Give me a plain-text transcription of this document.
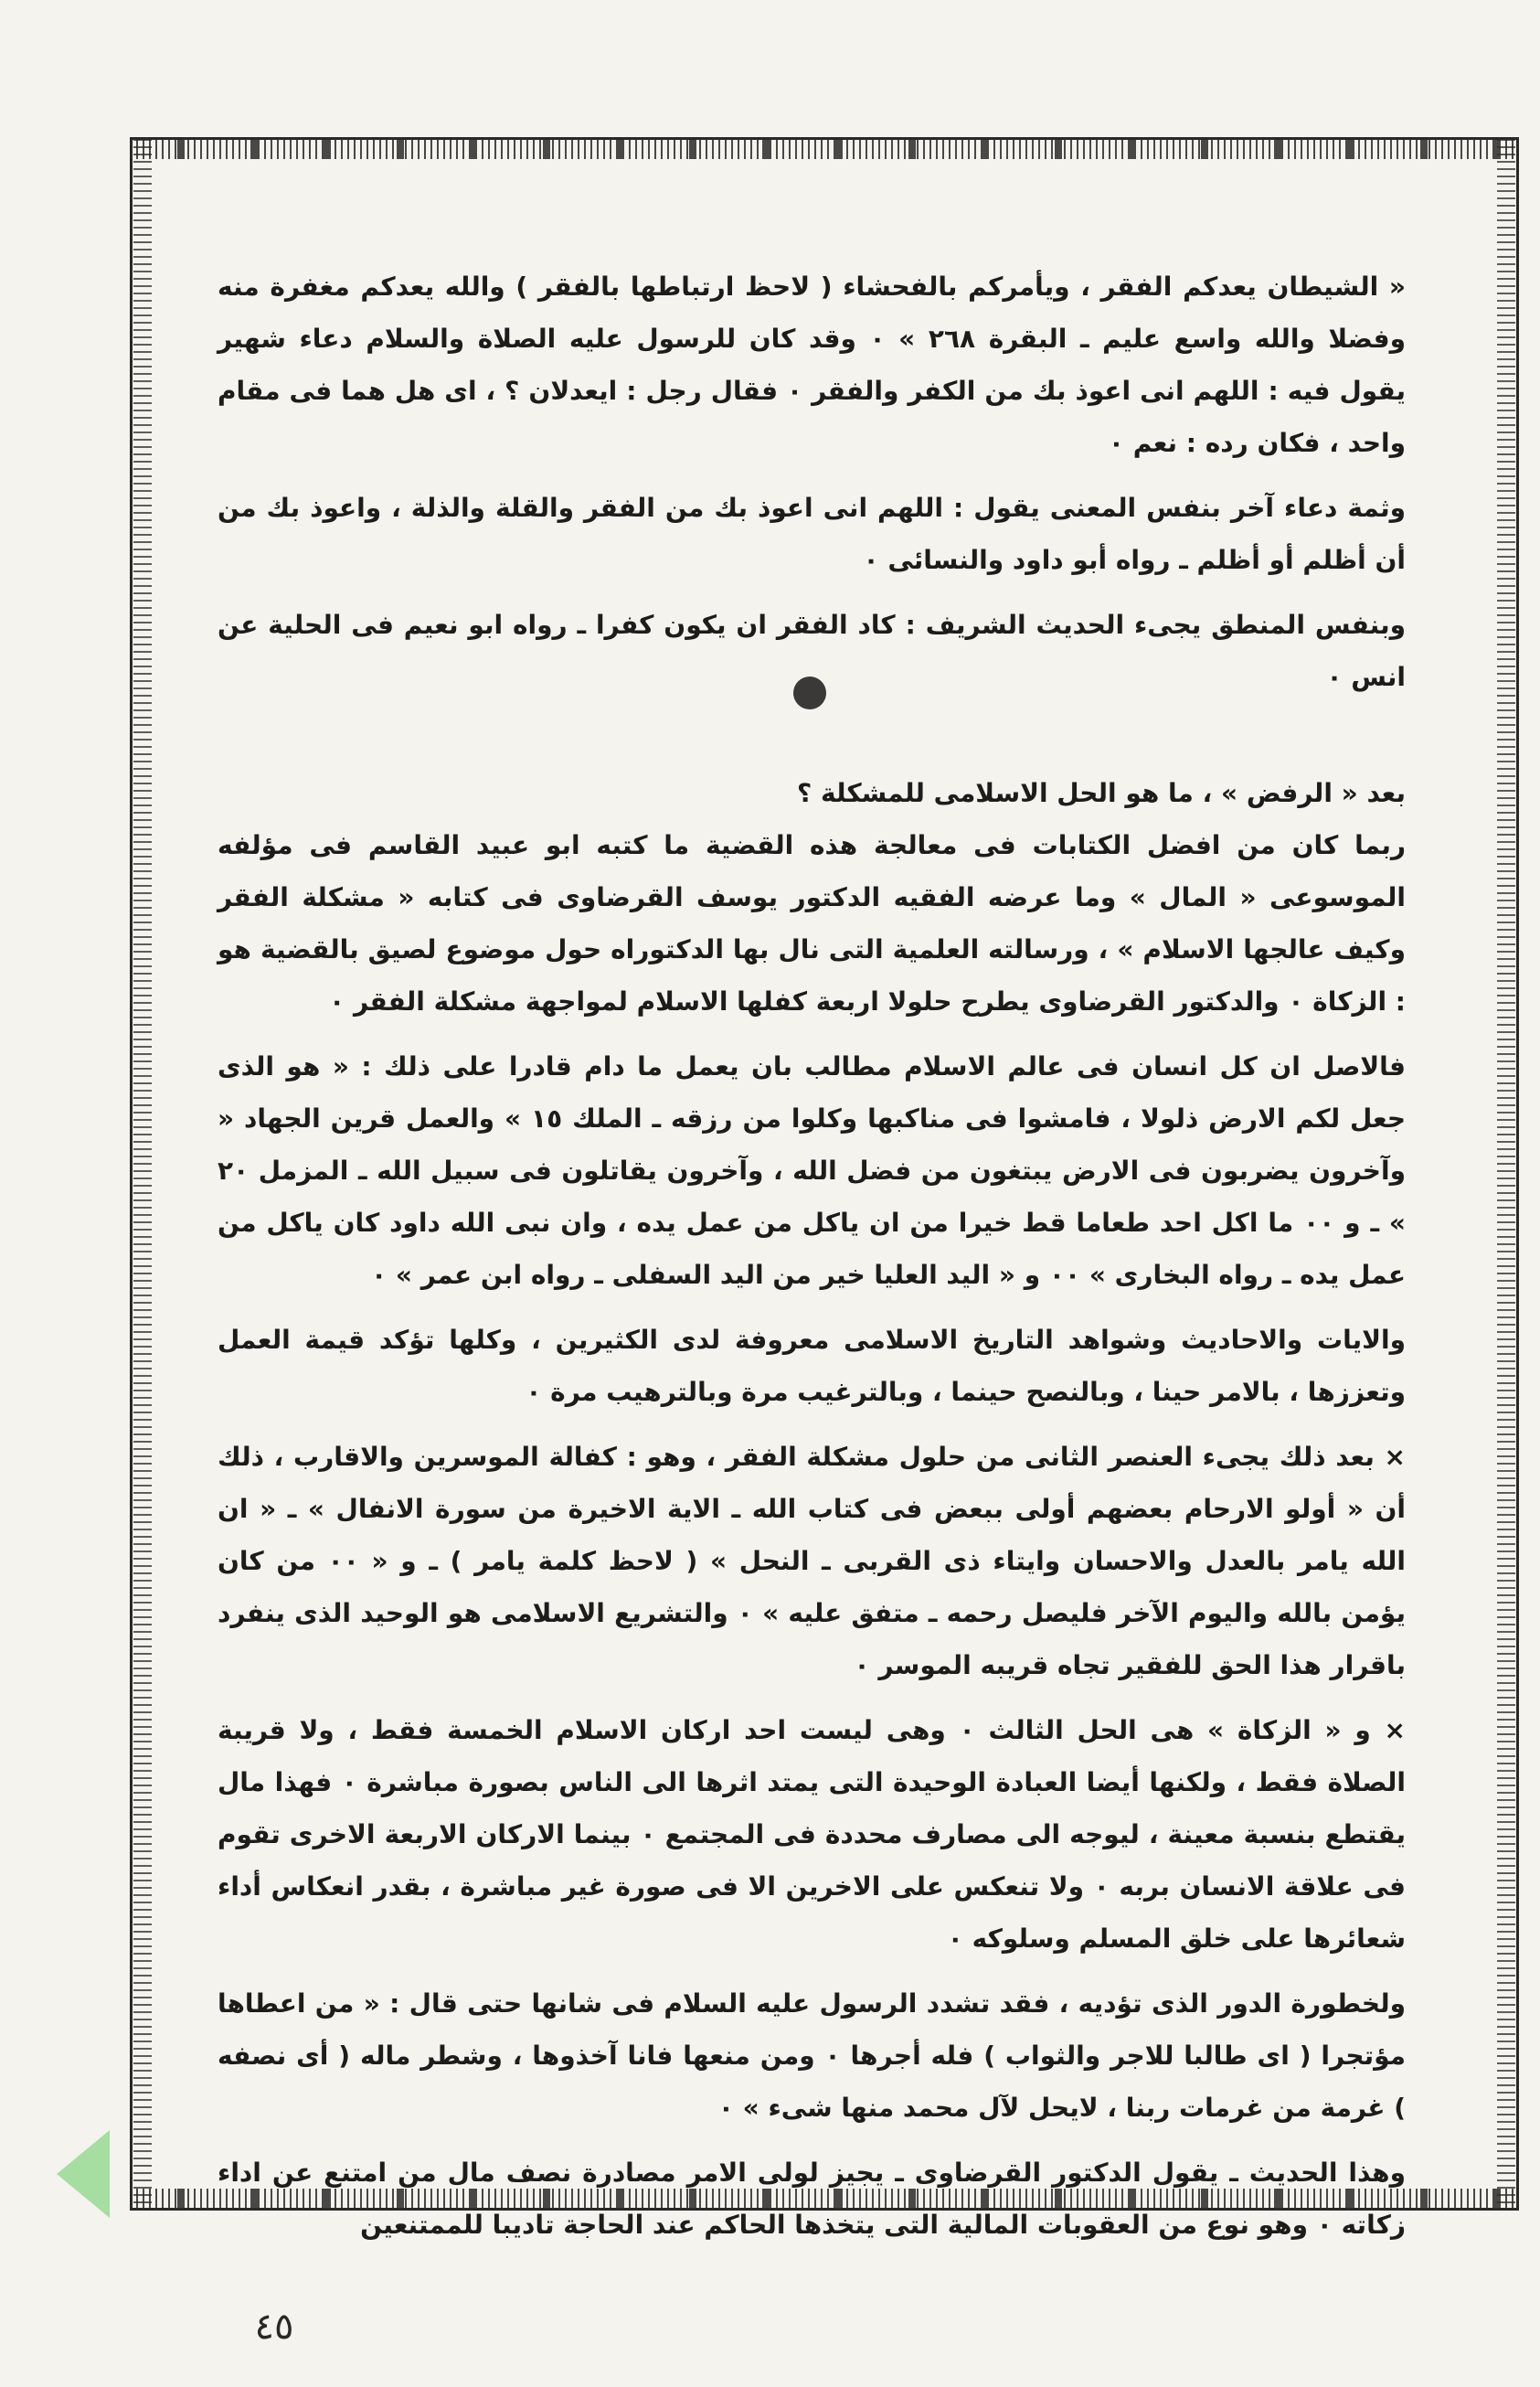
« الشيطان يعدكم الفقر ، ويأمركم بالفحشاء ( لاحظ ارتباطها بالفقر ) والله يعدكم مغفرة منه وفضلا والله واسع عليم ـ البقرة ٢٦٨ » ٠ وقد كان للرسول عليه الصلاة والسلام دعاء شهير يقول فيه : اللهم انى اعوذ بك من الكفر والفقر ٠ فقال رجل : ايعدلان ؟ ، اى هل هما فى مقام واحد ، فكان رده : نعم ٠

وثمة دعاء آخر بنفس المعنى يقول : اللهم انى اعوذ بك من الفقر والقلة والذلة ، واعوذ بك من أن أظلم أو أظلم ـ رواه أبو داود والنسائى ٠

وبنفس المنطق يجىء الحديث الشريف : كاد الفقر ان يكون كفرا ـ رواه ابو نعيم فى الحلية عن انس ٠

بعد « الرفض » ، ما هو الحل الاسلامى للمشكلة ؟

ربما كان من افضل الكتابات فى معالجة هذه القضية ما كتبه ابو عبيد القاسم فى مؤلفه الموسوعى « المال » وما عرضه الفقيه الدكتور يوسف القرضاوى فى كتابه « مشكلة الفقر وكيف عالجها الاسلام » ، ورسالته العلمية التى نال بها الدكتوراه حول موضوع لصيق بالقضية هو : الزكاة ٠ والدكتور القرضاوى يطرح حلولا اربعة كفلها الاسلام لمواجهة مشكلة الفقر ٠

فالاصل ان كل انسان فى عالم الاسلام مطالب بان يعمل ما دام قادرا على ذلك : « هو الذى جعل لكم الارض ذلولا ، فامشوا فى مناكبها وكلوا من رزقه ـ الملك ١٥ » والعمل قرين الجهاد « وآخرون يضربون فى الارض يبتغون من فضل الله ، وآخرون يقاتلون فى سبيل الله ـ المزمل ٢٠ » ـ و ٠٠ ما اكل احد طعاما قط خيرا من ان ياكل من عمل يده ، وان نبى الله داود كان ياكل من عمل يده ـ رواه البخارى » ٠٠ و « اليد العليا خير من اليد السفلى ـ رواه ابن عمر » ٠

والايات والاحاديث وشواهد التاريخ الاسلامى معروفة لدى الكثيرين ، وكلها تؤكد قيمة العمل وتعززها ، بالامر حينا ، وبالنصح حينما ، وبالترغيب مرة وبالترهيب مرة ٠

× بعد ذلك يجىء العنصر الثانى من حلول مشكلة الفقر ، وهو : كفالة الموسرين والاقارب ، ذلك أن « أولو الارحام بعضهم أولى ببعض فى كتاب الله ـ الاية الاخيرة من سورة الانفال » ـ « ان الله يامر بالعدل والاحسان وايتاء ذى القربى ـ النحل » ( لاحظ كلمة يامر ) ـ و « ٠٠ من كان يؤمن بالله واليوم الآخر فليصل رحمه ـ متفق عليه » ٠ والتشريع الاسلامى هو الوحيد الذى ينفرد باقرار هذا الحق للفقير تجاه قريبه الموسر ٠

× و « الزكاة » هى الحل الثالث ٠ وهى ليست احد اركان الاسلام الخمسة فقط ، ولا قريبة الصلاة فقط ، ولكنها أيضا العبادة الوحيدة التى يمتد اثرها الى الناس بصورة مباشرة ٠ فهذا مال يقتطع بنسبة معينة ، ليوجه الى مصارف محددة فى المجتمع ٠ بينما الاركان الاربعة الاخرى تقوم فى علاقة الانسان بربه ٠ ولا تنعكس على الاخرين الا فى صورة غير مباشرة ، بقدر انعكاس أداء شعائرها على خلق المسلم وسلوكه ٠

ولخطورة الدور الذى تؤديه ، فقد تشدد الرسول عليه السلام فى شانها حتى قال : « من اعطاها مؤتجرا ( اى طالبا للاجر والثواب ) فله أجرها ٠ ومن منعها فانا آخذوها ، وشطر ماله ( أى نصفه ) غرمة من غرمات ربنا ، لايحل لآل محمد منها شىء » ٠

وهذا الحديث ـ يقول الدكتور القرضاوى ـ يجيز لولى الامر مصادرة نصف مال من امتنع عن اداء زكاته ٠ وهو نوع من العقوبات المالية التى يتخذها الحاكم عند الحاجة تاديبا للممتنعين

٤٥
